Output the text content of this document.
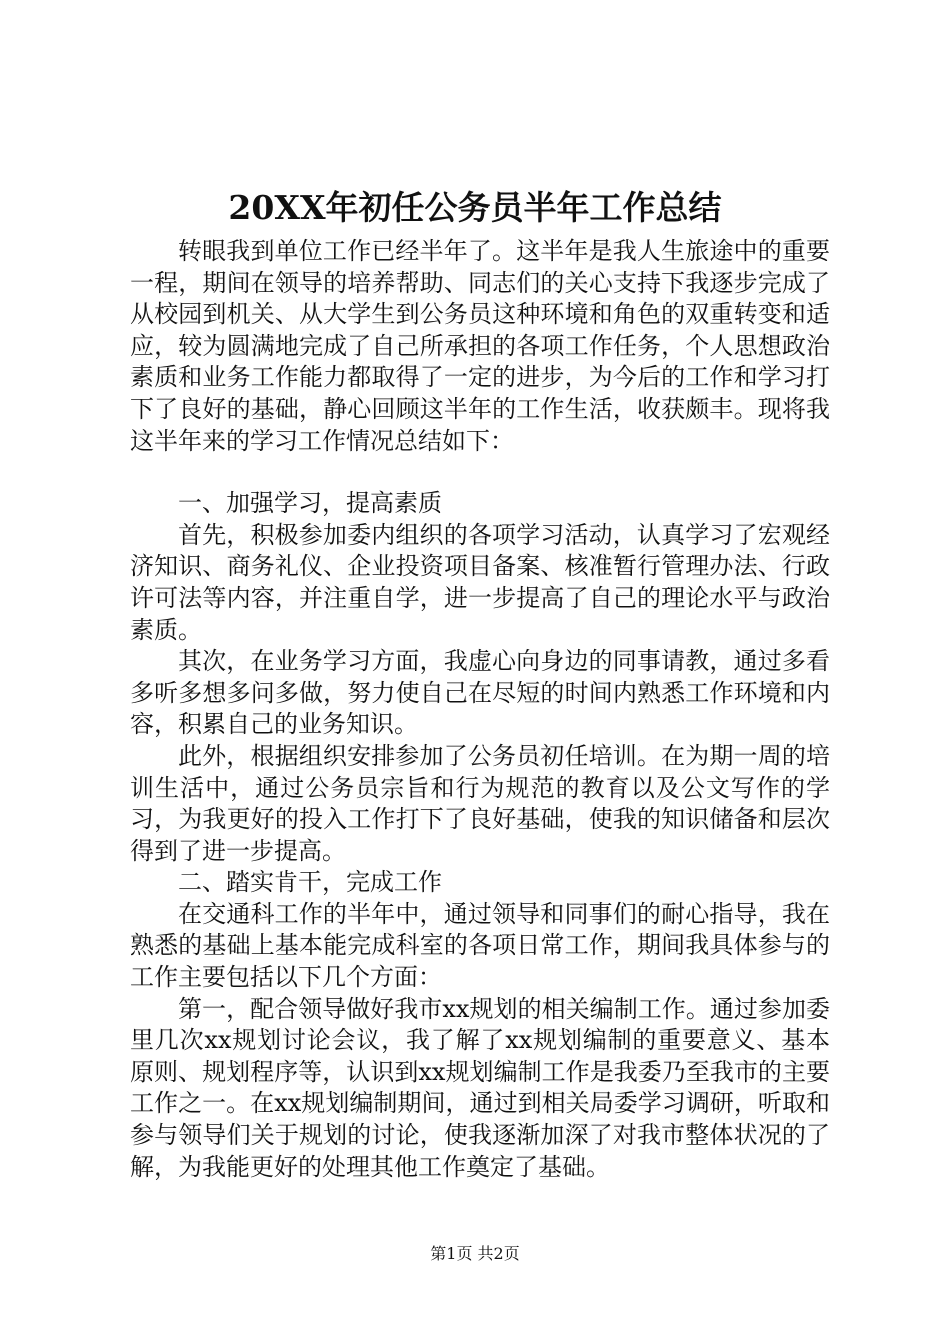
20XX年初任公务员半年工作总结

转眼我到单位工作已经半年了。这半年是我人生旅途中的重要一程，期间在领导的培养帮助、同志们的关心支持下我逐步完成了从校园到机关、从大学生到公务员这种环境和角色的双重转变和适应，较为圆满地完成了自己所承担的各项工作任务，个人思想政治素质和业务工作能力都取得了一定的进步，为今后的工作和学习打下了良好的基础，静心回顾这半年的工作生活，收获颇丰。现将我这半年来的学习工作情况总结如下：

一、加强学习，提高素质

首先，积极参加委内组织的各项学习活动，认真学习了宏观经济知识、商务礼仪、企业投资项目备案、核准暂行管理办法、行政许可法等内容，并注重自学，进一步提高了自己的理论水平与政治素质。

其次，在业务学习方面，我虚心向身边的同事请教，通过多看多听多想多问多做，努力使自己在尽短的时间内熟悉工作环境和内容，积累自己的业务知识。

此外，根据组织安排参加了公务员初任培训。在为期一周的培训生活中，通过公务员宗旨和行为规范的教育以及公文写作的学习，为我更好的投入工作打下了良好基础，使我的知识储备和层次得到了进一步提高。

二、踏实肯干，完成工作

在交通科工作的半年中，通过领导和同事们的耐心指导，我在熟悉的基础上基本能完成科室的各项日常工作，期间我具体参与的工作主要包括以下几个方面：

第一，配合领导做好我市xx规划的相关编制工作。通过参加委里几次xx规划讨论会议，我了解了xx规划编制的重要意义、基本原则、规划程序等，认识到xx规划编制工作是我委乃至我市的主要工作之一。在xx规划编制期间，通过到相关局委学习调研，听取和参与领导们关于规划的讨论，使我逐渐加深了对我市整体状况的了解，为我能更好的处理其他工作奠定了基础。

第1页 共2页
